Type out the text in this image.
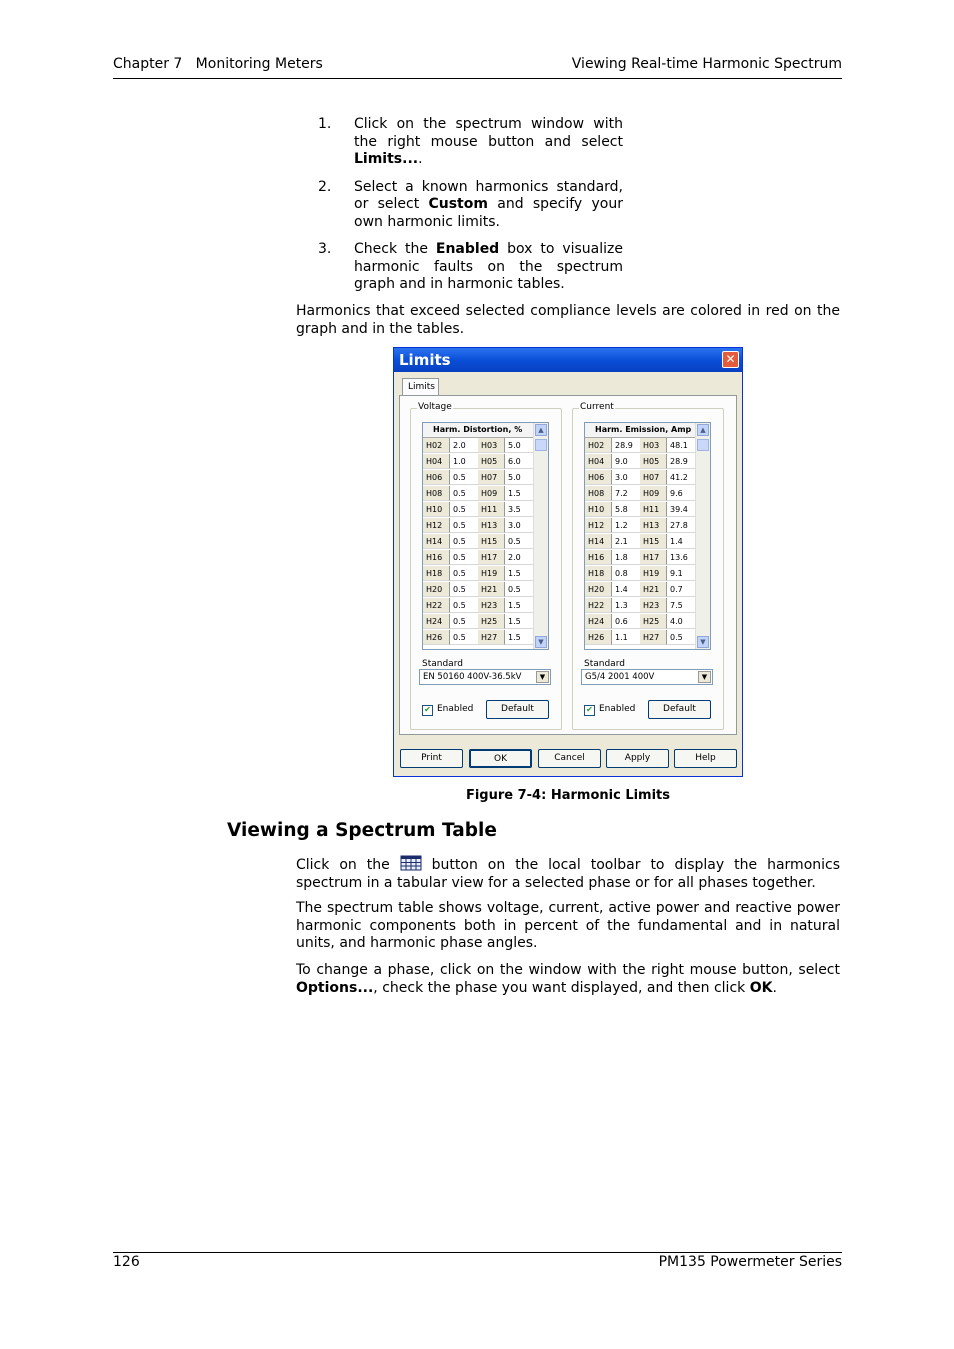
Chapter 7   Monitoring Meters	Viewing Real-time Harmonic Spectrum
1. Click on the spectrum window with the right mouse button and select Limits....
2. Select a known harmonics standard, or select Custom and specify your own harmonic limits.
3. Check the Enabled box to visualize harmonic faults on the spectrum graph and in harmonic tables.
Harmonics that exceed selected compliance levels are colored in red on the graph and in the tables.
Limits	✕
Limits
Voltage
Harm. Distortion, %
H02	2.0	H03	5.0
H04	1.0	H05	6.0
H06	0.5	H07	5.0
H08	0.5	H09	1.5
H10	0.5	H11	3.5
H12	0.5	H13	3.0
H14	0.5	H15	0.5
H16	0.5	H17	2.0
H18	0.5	H19	1.5
H20	0.5	H21	0.5
H22	0.5	H23	1.5
H24	0.5	H25	1.5
H26	0.5	H27	1.5
▲
▼
Standard
EN 50160 400V-36.5kV	▼
✔ Enabled	Default
Current
Harm. Emission, Amp
H02	28.9	H03	48.1
H04	9.0	H05	28.9
H06	3.0	H07	41.2
H08	7.2	H09	9.6
H10	5.8	H11	39.4
H12	1.2	H13	27.8
H14	2.1	H15	1.4
H16	1.8	H17	13.6
H18	0.8	H19	9.1
H20	1.4	H21	0.7
H22	1.3	H23	7.5
H24	0.6	H25	4.0
H26	1.1	H27	0.5
▲
▼
Standard
G5/4 2001 400V	▼
✔ Enabled	Default
Print	OK	Cancel	Apply	Help
Figure 7-4: Harmonic Limits
Viewing a Spectrum Table
Click on the  button on the local toolbar to display the harmonics spectrum in a tabular view for a selected phase or for all phases together.
The spectrum table shows voltage, current, active power and reactive power harmonic components both in percent of the fundamental and in natural units, and harmonic phase angles.
To change a phase, click on the window with the right mouse button, select Options..., check the phase you want displayed, and then click OK.
126	PM135 Powermeter Series
